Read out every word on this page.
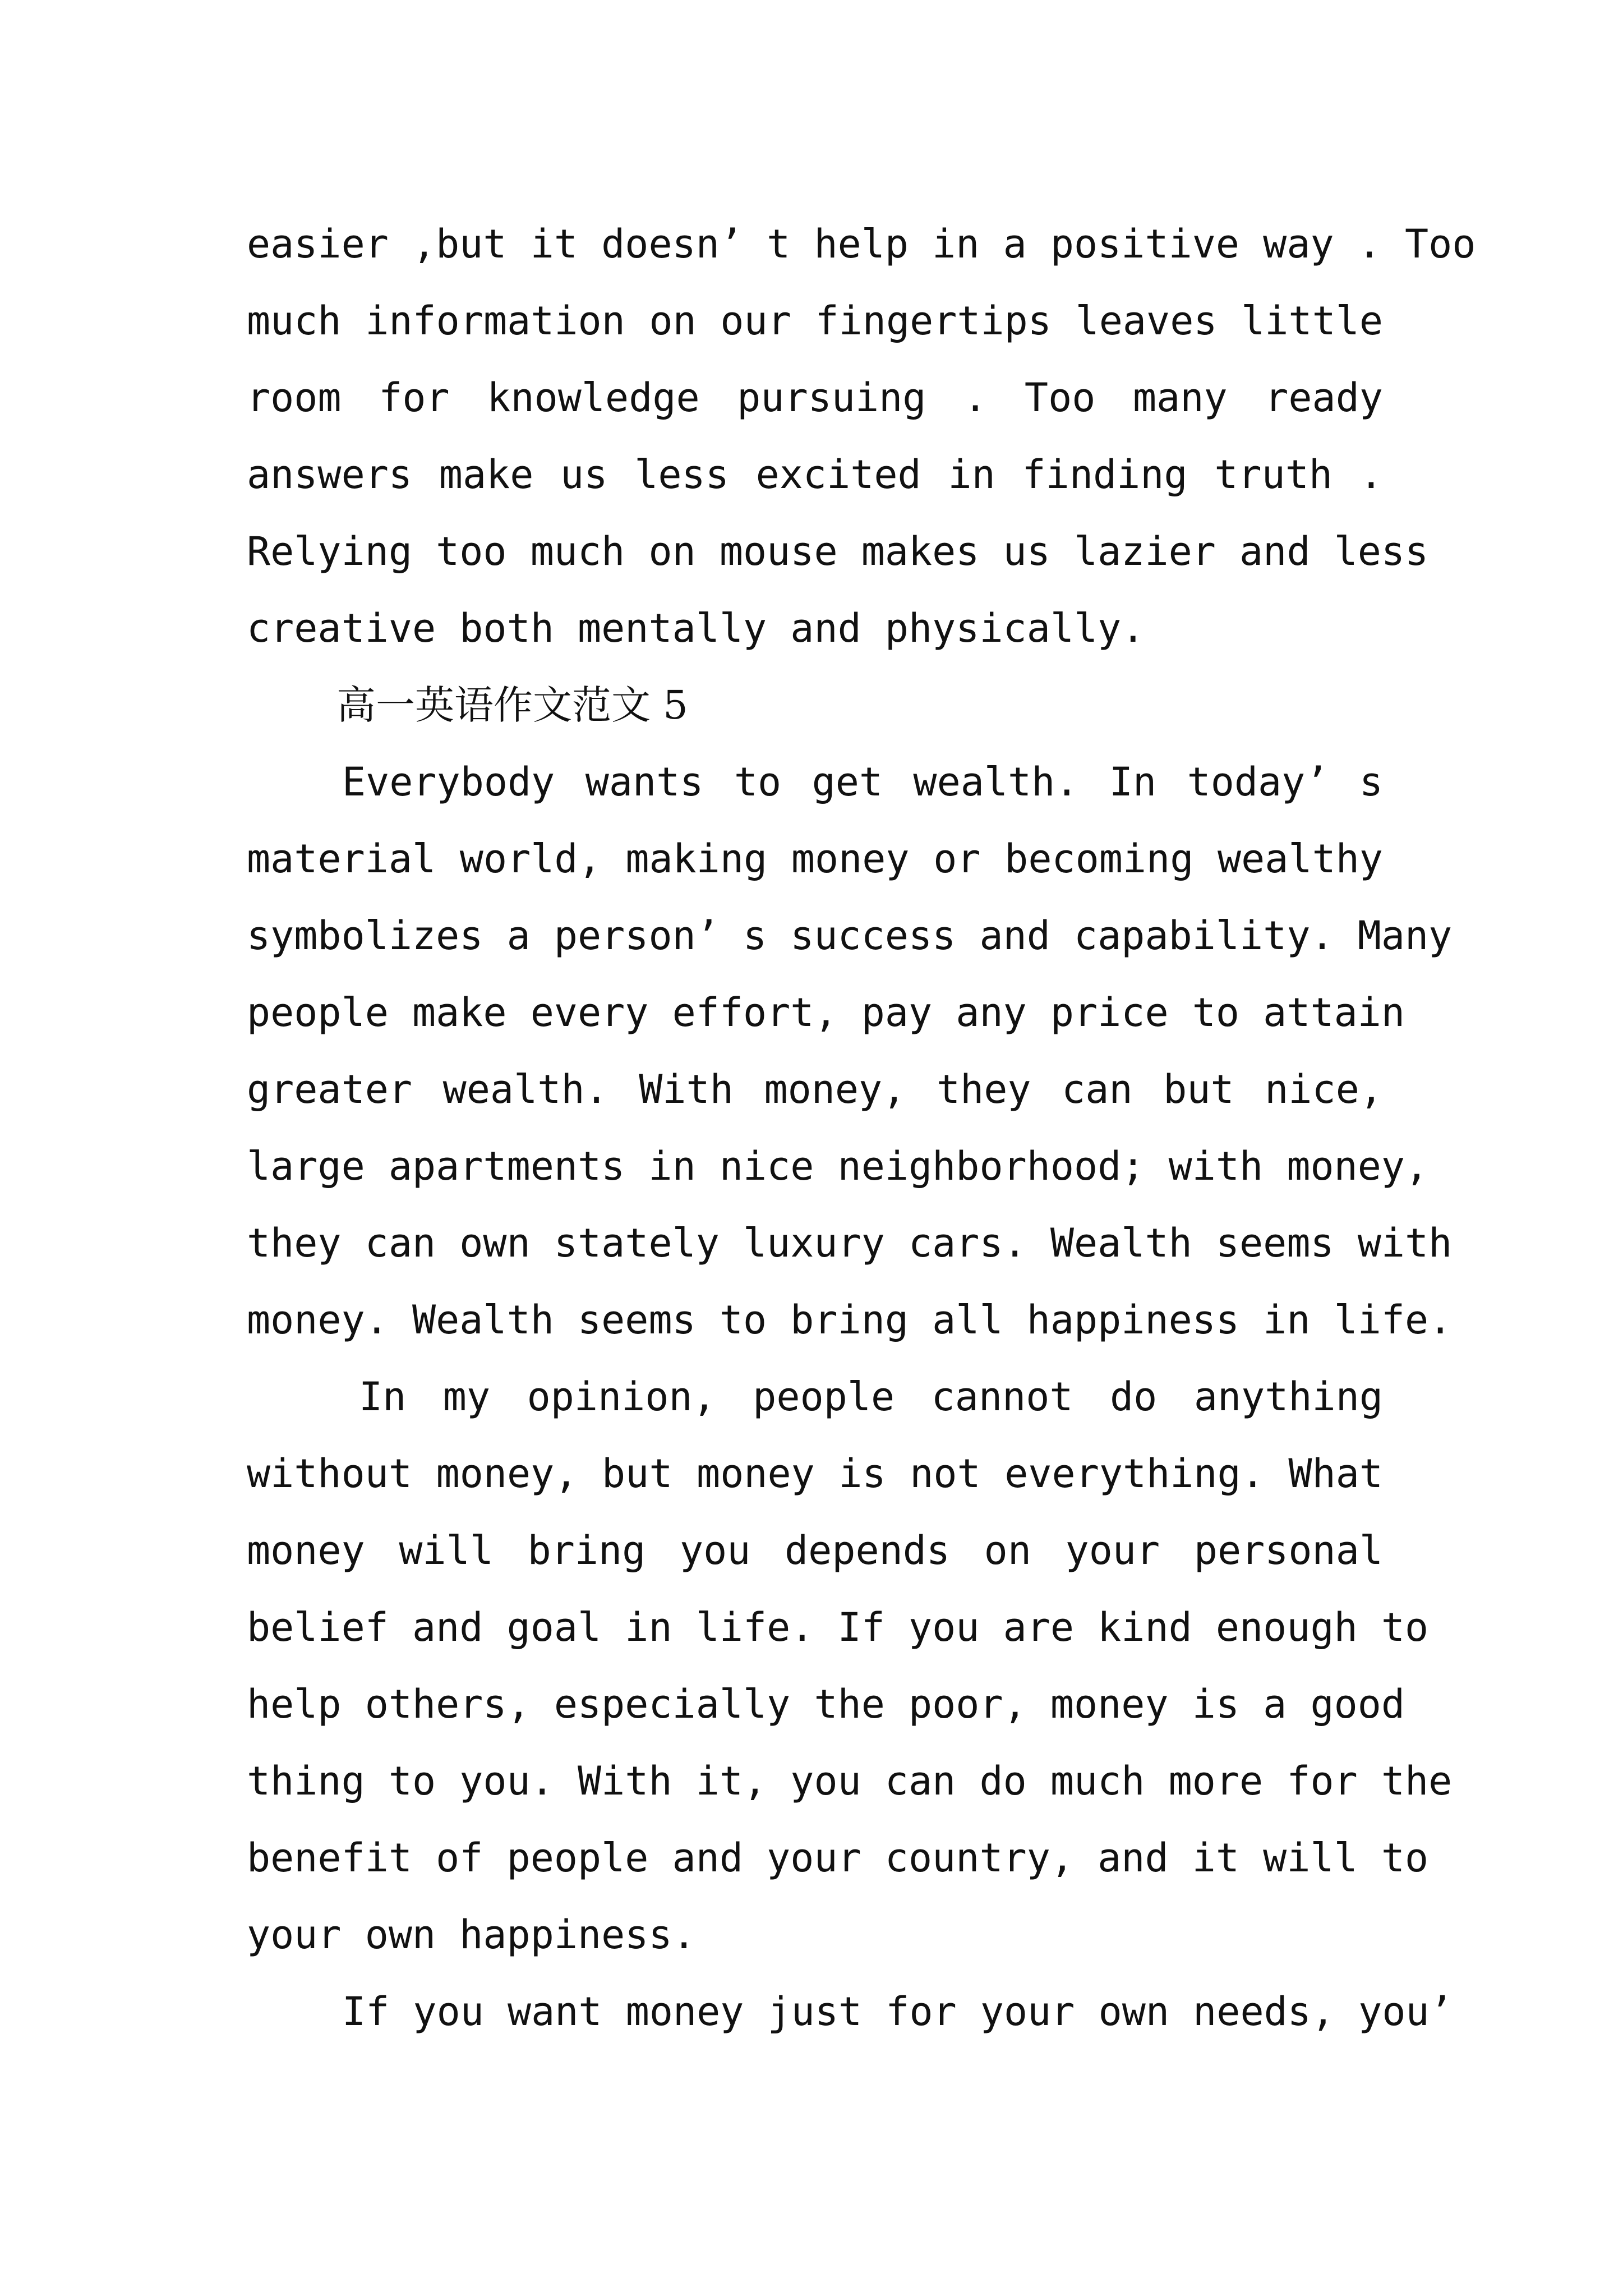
easier ,but it doesn’ t help in a positive way . Too
much information on our fingertips leaves little
room for knowledge pursuing . Too many ready
answers make us less excited in finding truth .
Relying too much on mouse makes us lazier and less
creative both mentally and physically.
高一英语作文范文 5
Everybody wants to get wealth. In today’ s
material world, making money or becoming wealthy
symbolizes a person’ s success and capability. Many
people make every effort, pay any price to attain
greater wealth. With money, they can but nice,
large apartments in nice neighborhood; with money,
they can own stately luxury cars. Wealth seems with
money. Wealth seems to bring all happiness in life.
In my opinion, people cannot do anything
without money, but money is not everything. What
money will bring you depends on your personal
belief and goal in life. If you are kind enough to
help others, especially the poor, money is a good
thing to you. With it, you can do much more for the
benefit of people and your country, and it will to
your own happiness.
If you want money just for your own needs, you’
